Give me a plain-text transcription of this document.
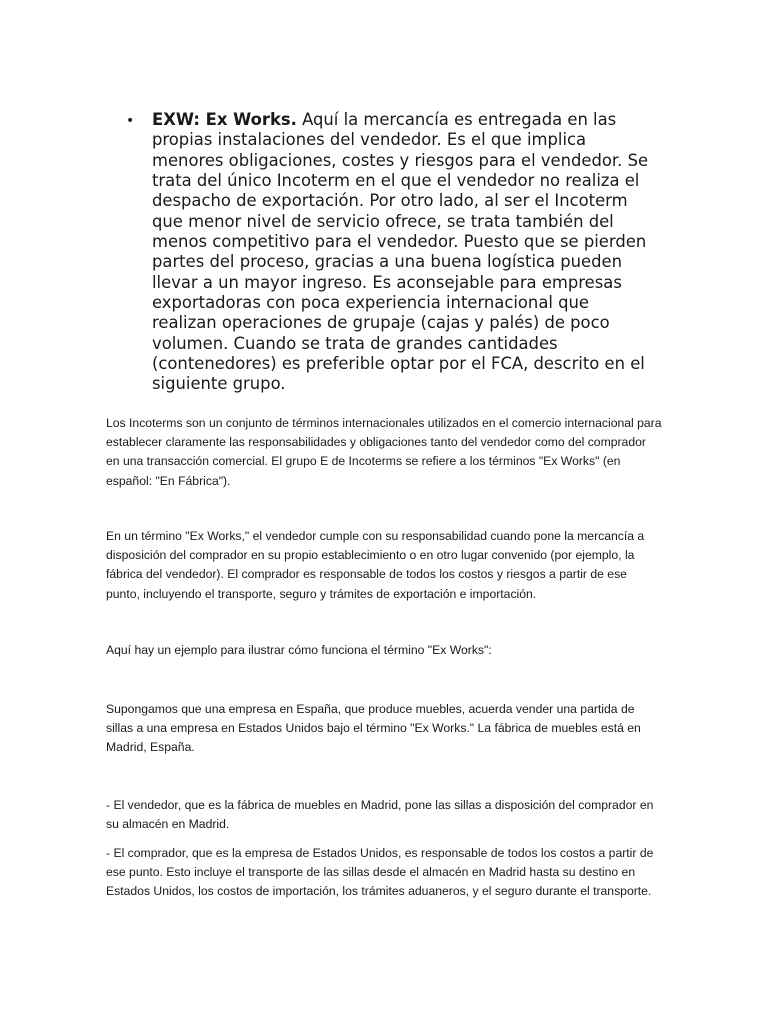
•	EXW: Ex Works. Aquí la mercancía es entregada en las propias instalaciones del vendedor. Es el que implica menores obligaciones, costes y riesgos para el vendedor. Se trata del único Incoterm en el que el vendedor no realiza el despacho de exportación. Por otro lado, al ser el Incoterm que menor nivel de servicio ofrece, se trata también del menos competitivo para el vendedor. Puesto que se pierden partes del proceso, gracias a una buena logística pueden llevar a un mayor ingreso. Es aconsejable para empresas exportadoras con poca experiencia internacional que realizan operaciones de grupaje (cajas y palés) de poco volumen. Cuando se trata de grandes cantidades (contenedores) es preferible optar por el FCA, descrito en el siguiente grupo.

Los Incoterms son un conjunto de términos internacionales utilizados en el comercio internacional para establecer claramente las responsabilidades y obligaciones tanto del vendedor como del comprador en una transacción comercial. El grupo E de Incoterms se refiere a los términos "Ex Works" (en español: "En Fábrica").

En un término "Ex Works," el vendedor cumple con su responsabilidad cuando pone la mercancía a disposición del comprador en su propio establecimiento o en otro lugar convenido (por ejemplo, la fábrica del vendedor). El comprador es responsable de todos los costos y riesgos a partir de ese punto, incluyendo el transporte, seguro y trámites de exportación e importación.

Aquí hay un ejemplo para ilustrar cómo funciona el término "Ex Works":

Supongamos que una empresa en España, que produce muebles, acuerda vender una partida de sillas a una empresa en Estados Unidos bajo el término "Ex Works." La fábrica de muebles está en Madrid, España.

- El vendedor, que es la fábrica de muebles en Madrid, pone las sillas a disposición del comprador en su almacén en Madrid.

- El comprador, que es la empresa de Estados Unidos, es responsable de todos los costos a partir de ese punto. Esto incluye el transporte de las sillas desde el almacén en Madrid hasta su destino en Estados Unidos, los costos de importación, los trámites aduaneros, y el seguro durante el transporte.
